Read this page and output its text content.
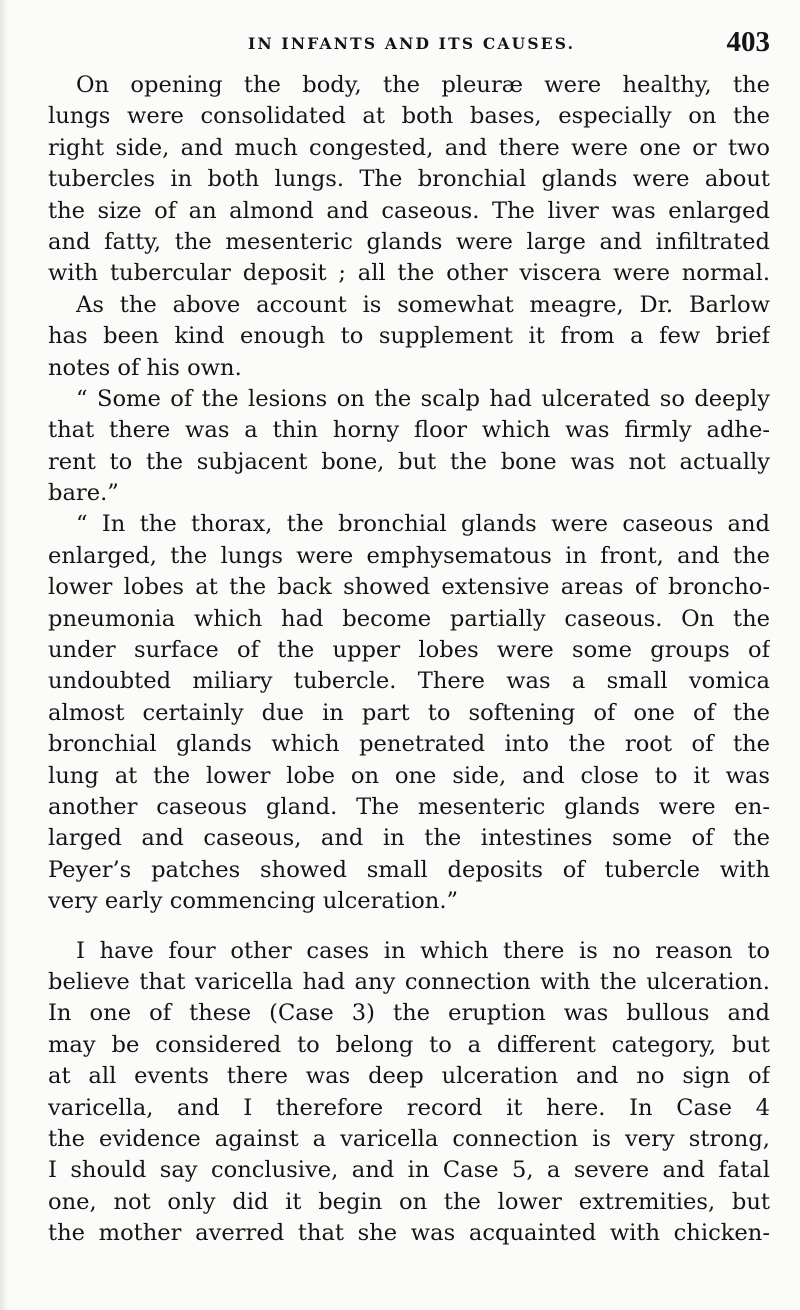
IN INFANTS AND ITS CAUSES.	403
On opening the body, the pleuræ were healthy, the
lungs were consolidated at both bases, especially on the
right side, and much congested, and there were one or two
tubercles in both lungs. The bronchial glands were about
the size of an almond and caseous. The liver was enlarged
and fatty, the mesenteric glands were large and infiltrated
with tubercular deposit ; all the other viscera were normal.
As the above account is somewhat meagre, Dr. Barlow
has been kind enough to supplement it from a few brief
notes of his own.
“ Some of the lesions on the scalp had ulcerated so deeply
that there was a thin horny floor which was firmly adhe-
rent to the subjacent bone, but the bone was not actually
bare.”
“ In the thorax, the bronchial glands were caseous and
enlarged, the lungs were emphysematous in front, and the
lower lobes at the back showed extensive areas of broncho-
pneumonia which had become partially caseous. On the
under surface of the upper lobes were some groups of
undoubted miliary tubercle. There was a small vomica
almost certainly due in part to softening of one of the
bronchial glands which penetrated into the root of the
lung at the lower lobe on one side, and close to it was
another caseous gland. The mesenteric glands were en-
larged and caseous, and in the intestines some of the
Peyer’s patches showed small deposits of tubercle with
very early commencing ulceration.”
I have four other cases in which there is no reason to
believe that varicella had any connection with the ulceration.
In one of these (Case 3) the eruption was bullous and
may be considered to belong to a different category, but
at all events there was deep ulceration and no sign of
varicella, and I therefore record it here. In Case 4
the evidence against a varicella connection is very strong,
I should say conclusive, and in Case 5, a severe and fatal
one, not only did it begin on the lower extremities, but
the mother averred that she was acquainted with chicken-
